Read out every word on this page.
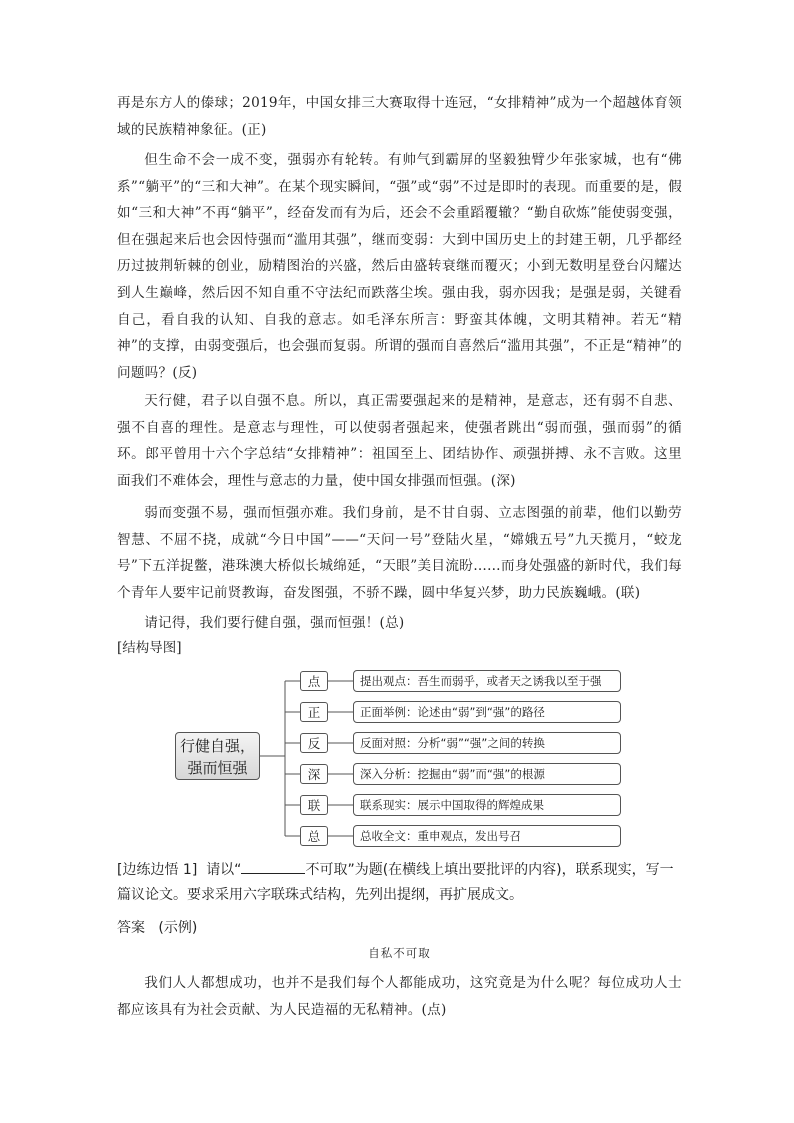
再是东方人的傣球；2019年，中国女排三大赛取得十连冠，“女排精神”成为一个超越体育领域的民族精神象征。(正)

但生命不会一成不变，强弱亦有轮转。有帅气到霸屏的坚毅独臂少年张家城，也有“佛系”“躺平”的“三和大神”。在某个现实瞬间，“强”或“弱”不过是即时的表现。而重要的是，假如“三和大神”不再“躺平”，经奋发而有为后，还会不会重蹈覆辙？“勤自砍炼”能使弱变强，但在强起来后也会因恃强而“滥用其强”，继而变弱：大到中国历史上的封建王朝，几乎都经历过披荆斩棘的创业，励精图治的兴盛，然后由盛转衰继而覆灭；小到无数明星登台闪耀达到人生巅峰，然后因不知自重不守法纪而跌落尘埃。强由我，弱亦因我；是强是弱，关键看自己，看自我的认知、自我的意志。如毛泽东所言：野蛮其体魄，文明其精神。若无“精神”的支撑，由弱变强后，也会强而复弱。所谓的强而自喜然后“滥用其强”，不正是“精神”的问题吗？(反)

天行健，君子以自强不息。所以，真正需要强起来的是精神，是意志，还有弱不自悲、强不自喜的理性。是意志与理性，可以使弱者强起来，使强者跳出“弱而强，强而弱”的循环。郎平曾用十六个字总结“女排精神”：祖国至上、团结协作、顽强拼搏、永不言败。这里面我们不难体会，理性与意志的力量，使中国女排强而恒强。(深)

弱而变强不易，强而恒强亦难。我们身前，是不甘自弱、立志图强的前辈，他们以勤劳智慧、不屈不挠，成就“今日中国”——“天问一号”登陆火星，“嫦娥五号”九天揽月，“蛟龙号”下五洋捉鳖，港珠澳大桥似长城绵延，“天眼”美目流盼……而身处强盛的新时代，我们每个青年人要牢记前贤教诲，奋发图强，不骄不躁，圆中华复兴梦，助力民族巍峨。(联)

请记得，我们要行健自强，强而恒强！(总)

[结构导图]

行健自强，强而恒强
点	提出观点：吾生而弱乎，或者天之诱我以至于强
正	正面举例：论述由“弱”到“强”的路径
反	反面对照：分析“弱”“强”之间的转换
深	深入分析：挖掘由“弱”而“强”的根源
联	联系现实：展示中国取得的辉煌成果
总	总收全文：重申观点，发出号召

[边练边悟 1] 请以“	不可取”为题(在横线上填出要批评的内容)，联系现实，写一篇议论文。要求采用六字联珠式结构，先列出提纲，再扩展成文。

答案 (示例)

自私不可取

我们人人都想成功，也并不是我们每个人都能成功，这究竟是为什么呢？每位成功人士都应该具有为社会贡献、为人民造福的无私精神。(点)
